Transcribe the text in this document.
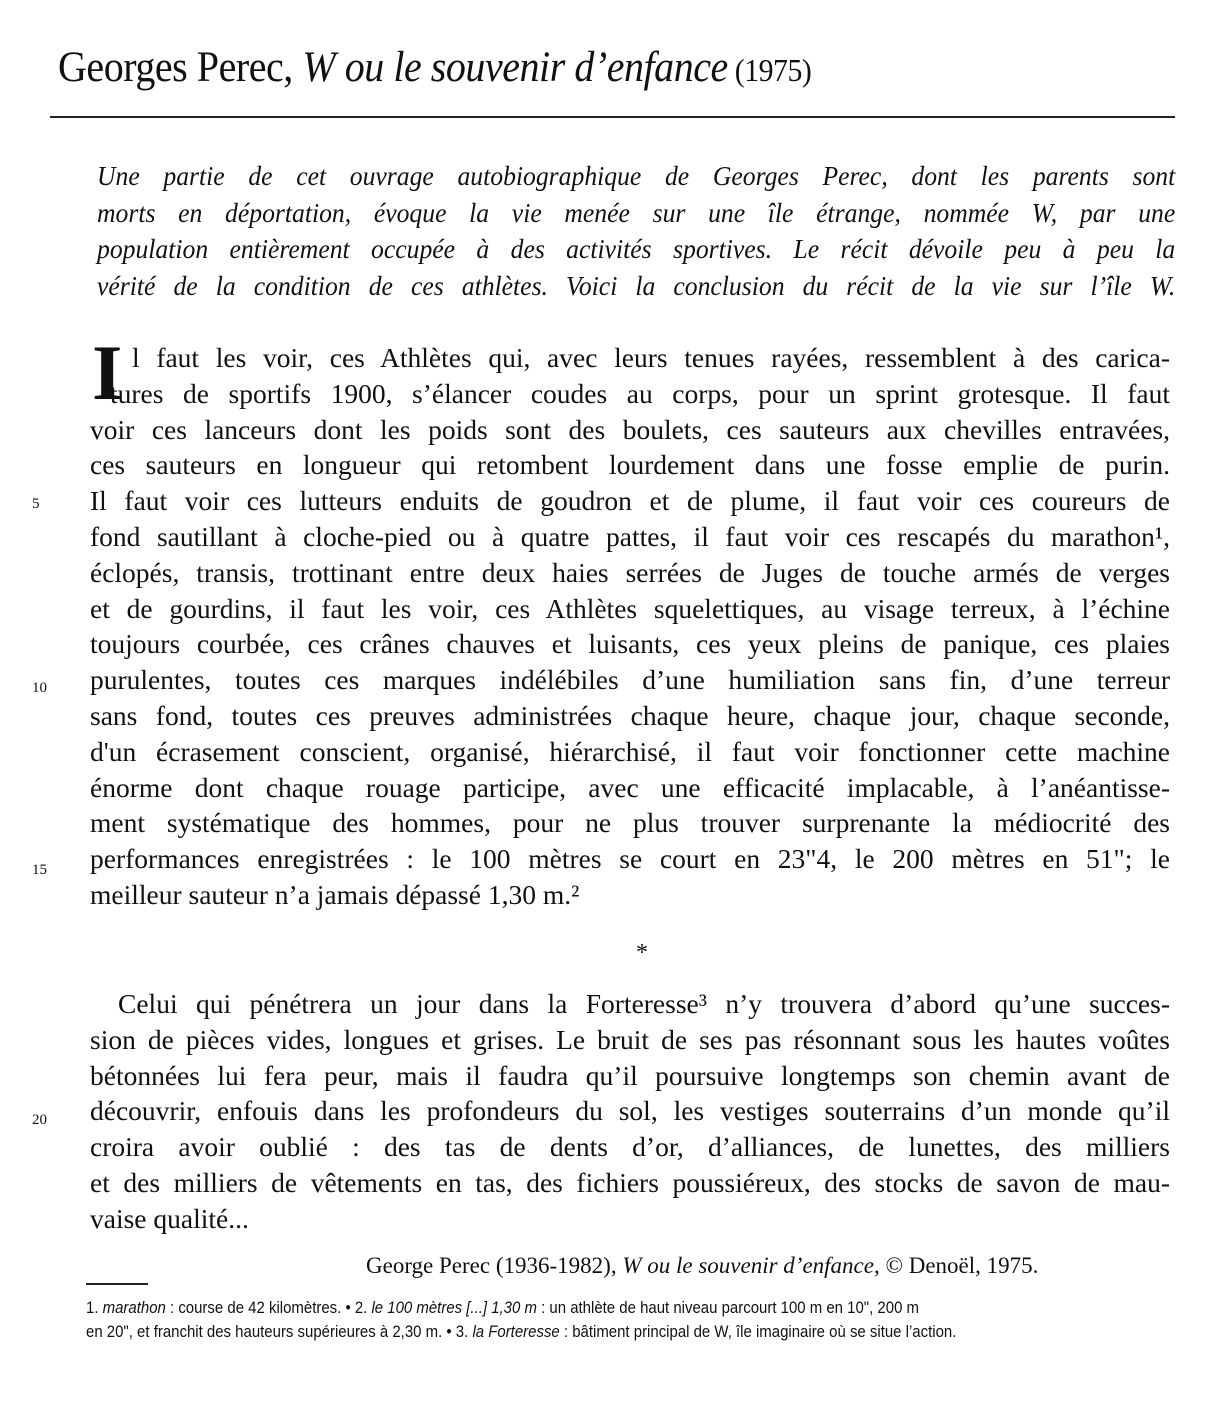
Georges Perec, W ou le souvenir d’enfance (1975)
Une partie de cet ouvrage autobiographique de Georges Perec, dont les parents sont
morts en déportation, évoque la vie menée sur une île étrange, nommée W, par une
population entièrement occupée à des activités sportives. Le récit dévoile peu à peu la
vérité de la condition de ces athlètes. Voici la conclusion du récit de la vie sur l’île W.
I l faut les voir, ces Athlètes qui, avec leurs tenues rayées, ressemblent à des carica-
tures de sportifs 1900, s’élancer coudes au corps, pour un sprint grotesque. Il faut
voir ces lanceurs dont les poids sont des boulets, ces sauteurs aux chevilles entravées,
ces sauteurs en longueur qui retombent lourdement dans une fosse emplie de purin.
Il faut voir ces lutteurs enduits de goudron et de plume, il faut voir ces coureurs de
fond sautillant à cloche-pied ou à quatre pattes, il faut voir ces rescapés du marathon¹,
éclopés, transis, trottinant entre deux haies serrées de Juges de touche armés de verges
et de gourdins, il faut les voir, ces Athlètes squelettiques, au visage terreux, à l’échine
toujours courbée, ces crânes chauves et luisants, ces yeux pleins de panique, ces plaies
purulentes, toutes ces marques indélébiles d’une humiliation sans fin, d’une terreur
sans fond, toutes ces preuves administrées chaque heure, chaque jour, chaque seconde,
d'un écrasement conscient, organisé, hiérarchisé, il faut voir fonctionner cette machine
énorme dont chaque rouage participe, avec une efficacité implacable, à l’anéantisse-
ment systématique des hommes, pour ne plus trouver surprenante la médiocrité des
performances enregistrées : le 100 mètres se court en 23"4, le 200 mètres en 51"; le
meilleur sauteur n’a jamais dépassé 1,30 m.²
5
10
15
20
*
Celui qui pénétrera un jour dans la Forteresse³ n’y trouvera d’abord qu’une succes-
sion de pièces vides, longues et grises. Le bruit de ses pas résonnant sous les hautes voûtes
bétonnées lui fera peur, mais il faudra qu’il poursuive longtemps son chemin avant de
découvrir, enfouis dans les profondeurs du sol, les vestiges souterrains d’un monde qu’il
croira avoir oublié : des tas de dents d’or, d’alliances, de lunettes, des milliers
et des milliers de vêtements en tas, des fichiers poussiéreux, des stocks de savon de mau-
vaise qualité...
George Perec (1936-1982), W ou le souvenir d’enfance, © Denoël, 1975.
1. marathon : course de 42 kilomètres. • 2. le 100 mètres [...] 1,30 m : un athlète de haut niveau parcourt 100 m en 10", 200 m
en 20", et franchit des hauteurs supérieures à 2,30 m. • 3. la Forteresse : bâtiment principal de W, île imaginaire où se situe l’action.
